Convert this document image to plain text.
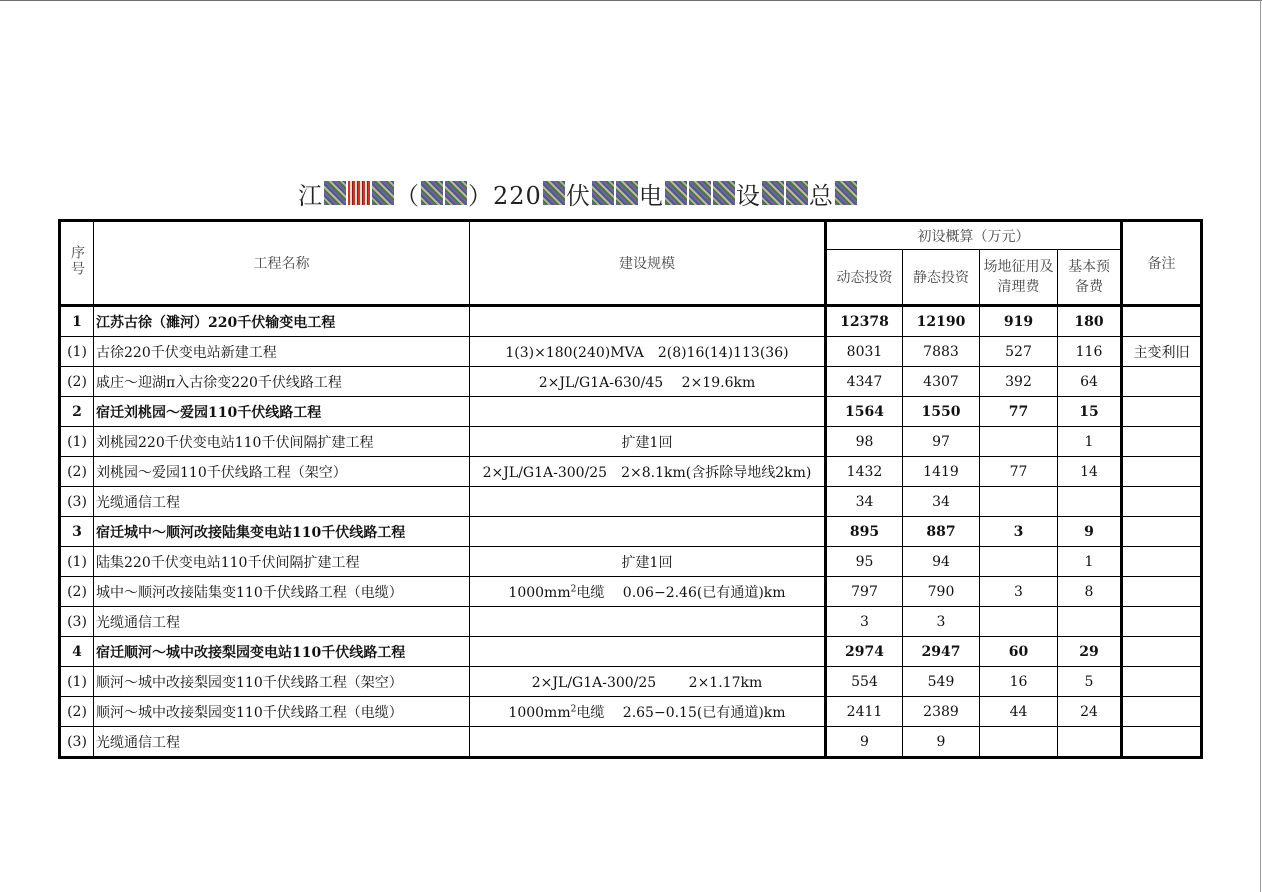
江	（ ）220 伏 电	设 总
序号	工程名称	建设规模	初设概算（万元）				备注
			动态投资	静态投资	场地征用及清理费	基本预备费	
1	江苏古徐（濉河）220千伏输变电工程		12378	12190	919	180	
(1)	古徐220千伏变电站新建工程	1(3)×180(240)MVA　2(8)16(14)113(36)	8031	7883	527	116	主变利旧
(2)	戚庄～迎湖π入古徐变220千伏线路工程	2×JL/G1A-630/45　 2×19.6km	4347	4307	392	64	
2	宿迁刘桃园～爱园110千伏线路工程		1564	1550	77	15	
(1)	刘桃园220千伏变电站110千伏间隔扩建工程	扩建1回	98	97		1	
(2)	刘桃园～爱园110千伏线路工程（架空）	2×JL/G1A-300/25　2×8.1km(含拆除导地线2km)	1432	1419	77	14	
(3)	光缆通信工程		34	34			
3	宿迁城中～顺河改接陆集变电站110千伏线路工程		895	887	3	9	
(1)	陆集220千伏变电站110千伏间隔扩建工程	扩建1回	95	94		1	
(2)	城中～顺河改接陆集变110千伏线路工程（电缆）	$1000mm^2$电缆　 0.06−2.46(已有通道)km	797	790	3	8	
(3)	光缆通信工程		3	3			
4	宿迁顺河～城中改接梨园变电站110千伏线路工程		2974	2947	60	29	
(1)	顺河～城中改接梨园变110千伏线路工程（架空）	2×JL/G1A-300/25　　 2×1.17km	554	549	16	5	
(2)	顺河～城中改接梨园变110千伏线路工程（电缆）	$1000mm^2$电缆　 2.65−0.15(已有通道)km	2411	2389	44	24	
(3)	光缆通信工程		9	9			
